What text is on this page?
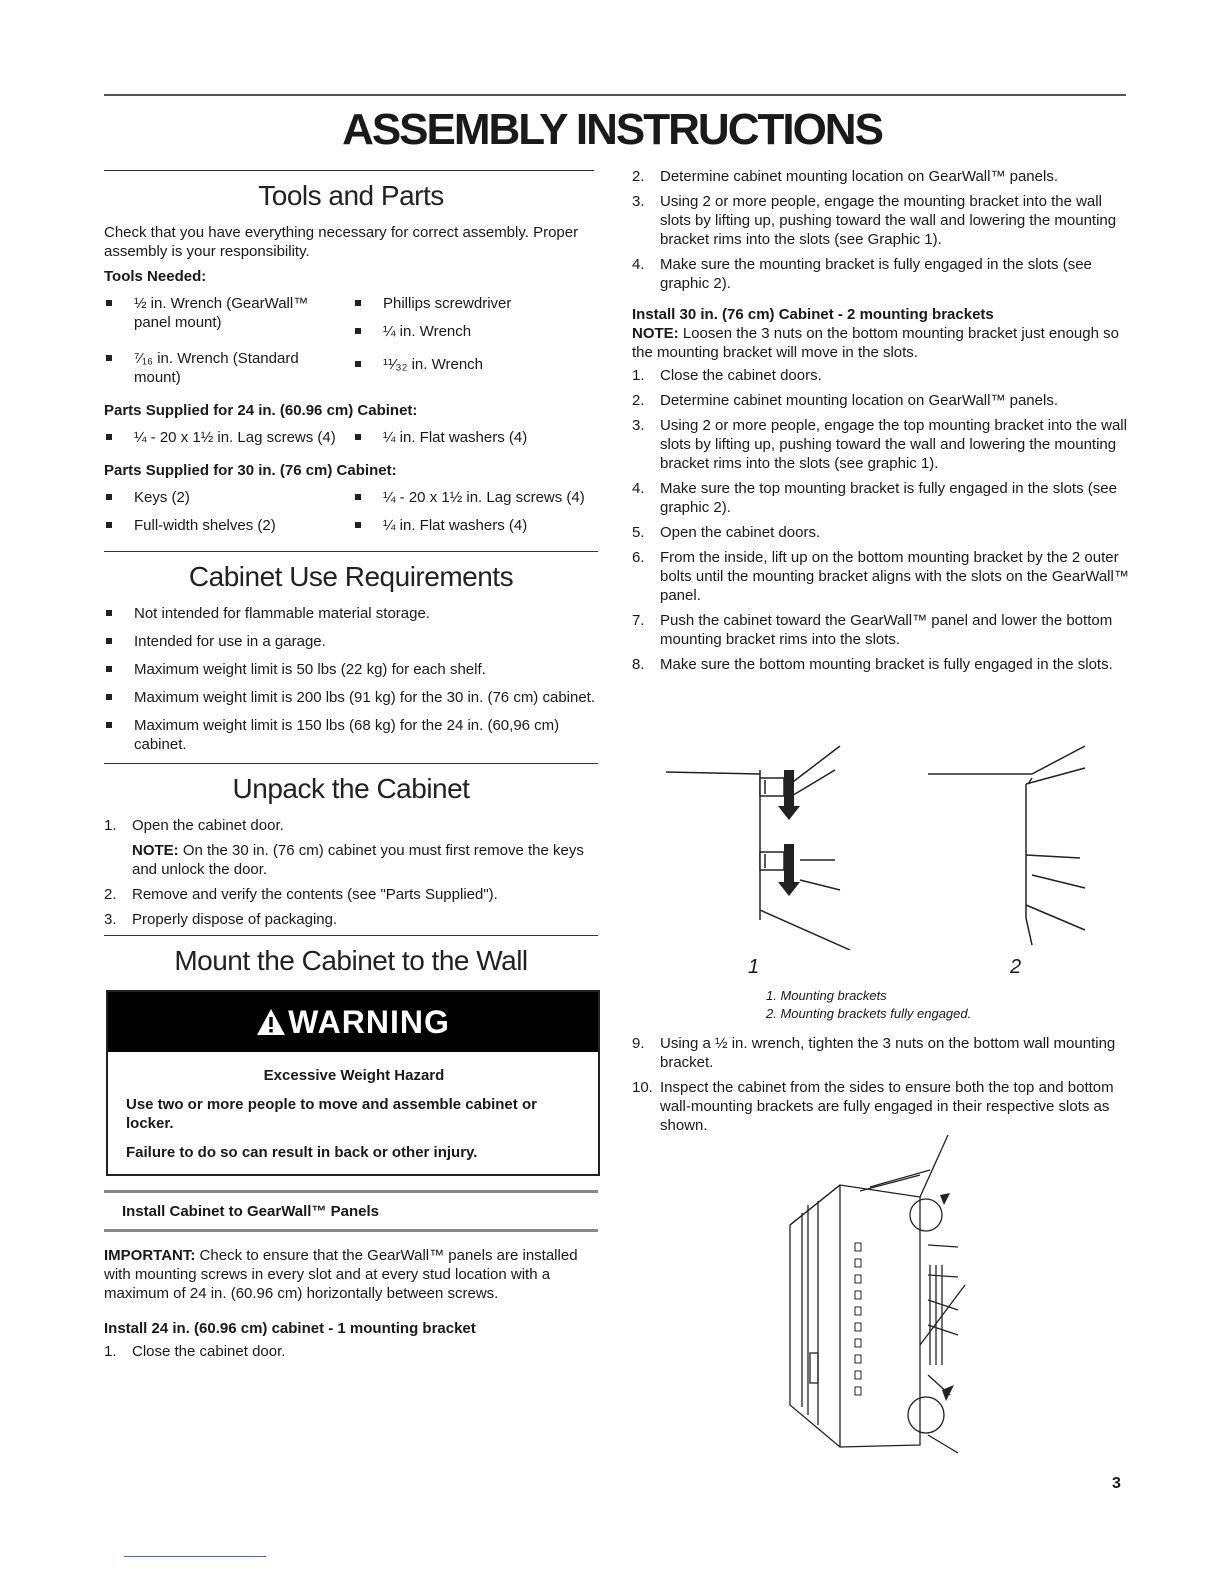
ASSEMBLY INSTRUCTIONS
Tools and Parts

Check that you have everything necessary for correct assembly. Proper assembly is your responsibility.

Tools Needed:

½ in. Wrench (GearWall™ panel mount)
Phillips screwdriver
¼ in. Wrench
⁷⁄₁₆ in. Wrench (Standard mount)
¹¹⁄₃₂ in. Wrench

Parts Supplied for 24 in. (60.96 cm) Cabinet:

¼ - 20 x 1½ in. Lag screws (4)	¼ in. Flat washers (4)

Parts Supplied for 30 in. (76 cm) Cabinet:

Keys (2)
Full-width shelves (2)
¼ - 20 x 1½ in. Lag screws (4)
¼ in. Flat washers (4)
Cabinet Use Requirements
Not intended for flammable material storage.
Intended for use in a garage.
Maximum weight limit is 50 lbs (22 kg) for each shelf.
Maximum weight limit is 200 lbs (91 kg) for the 30 in. (76 cm) cabinet.
Maximum weight limit is 150 lbs (68 kg) for the 24 in. (60,96 cm) cabinet.
Unpack the Cabinet
1. Open the cabinet door.

NOTE: On the 30 in. (76 cm) cabinet you must first remove the keys and unlock the door.

2. Remove and verify the contents (see "Parts Supplied").
3. Properly dispose of packaging.
Mount the Cabinet to the Wall
WARNING

Excessive Weight Hazard

Use two or more people to move and assemble cabinet or locker.

Failure to do so can result in back or other injury.

Install Cabinet to GearWall™ Panels

IMPORTANT: Check to ensure that the GearWall™ panels are installed with mounting screws in every slot and at every stud location with a maximum of 24 in. (60.96 cm) horizontally between screws.

Install 24 in. (60.96 cm) cabinet - 1 mounting bracket

1. Close the cabinet door.
2. Determine cabinet mounting location on GearWall™ panels.
3. Using 2 or more people, engage the mounting bracket into the wall slots by lifting up, pushing toward the wall and lowering the mounting bracket rims into the slots (see Graphic 1).
4. Make sure the mounting bracket is fully engaged in the slots (see graphic 2).

Install 30 in. (76 cm) Cabinet - 2 mounting brackets

NOTE: Loosen the 3 nuts on the bottom mounting bracket just enough so the mounting bracket will move in the slots.

1. Close the cabinet doors.
2. Determine cabinet mounting location on GearWall™ panels.
3. Using 2 or more people, engage the top mounting bracket into the wall slots by lifting up, pushing toward the wall and lowering the mounting bracket rims into the slots (see graphic 1).
4. Make sure the top mounting bracket is fully engaged in the slots (see graphic 2).
5. Open the cabinet doors.
6. From the inside, lift up on the bottom mounting bracket by the 2 outer bolts until the mounting bracket aligns with the slots on the GearWall™ panel.
7. Push the cabinet toward the GearWall™ panel and lower the bottom mounting bracket rims into the slots.
8. Make sure the bottom mounting bracket is fully engaged in the slots.
1	2
1. Mounting brackets
2. Mounting brackets fully engaged.
9. Using a ½ in. wrench, tighten the 3 nuts on the bottom wall mounting bracket.
10. Inspect the cabinet from the sides to ensure both the top and bottom wall-mounting brackets are fully engaged in their respective slots as shown.
3
